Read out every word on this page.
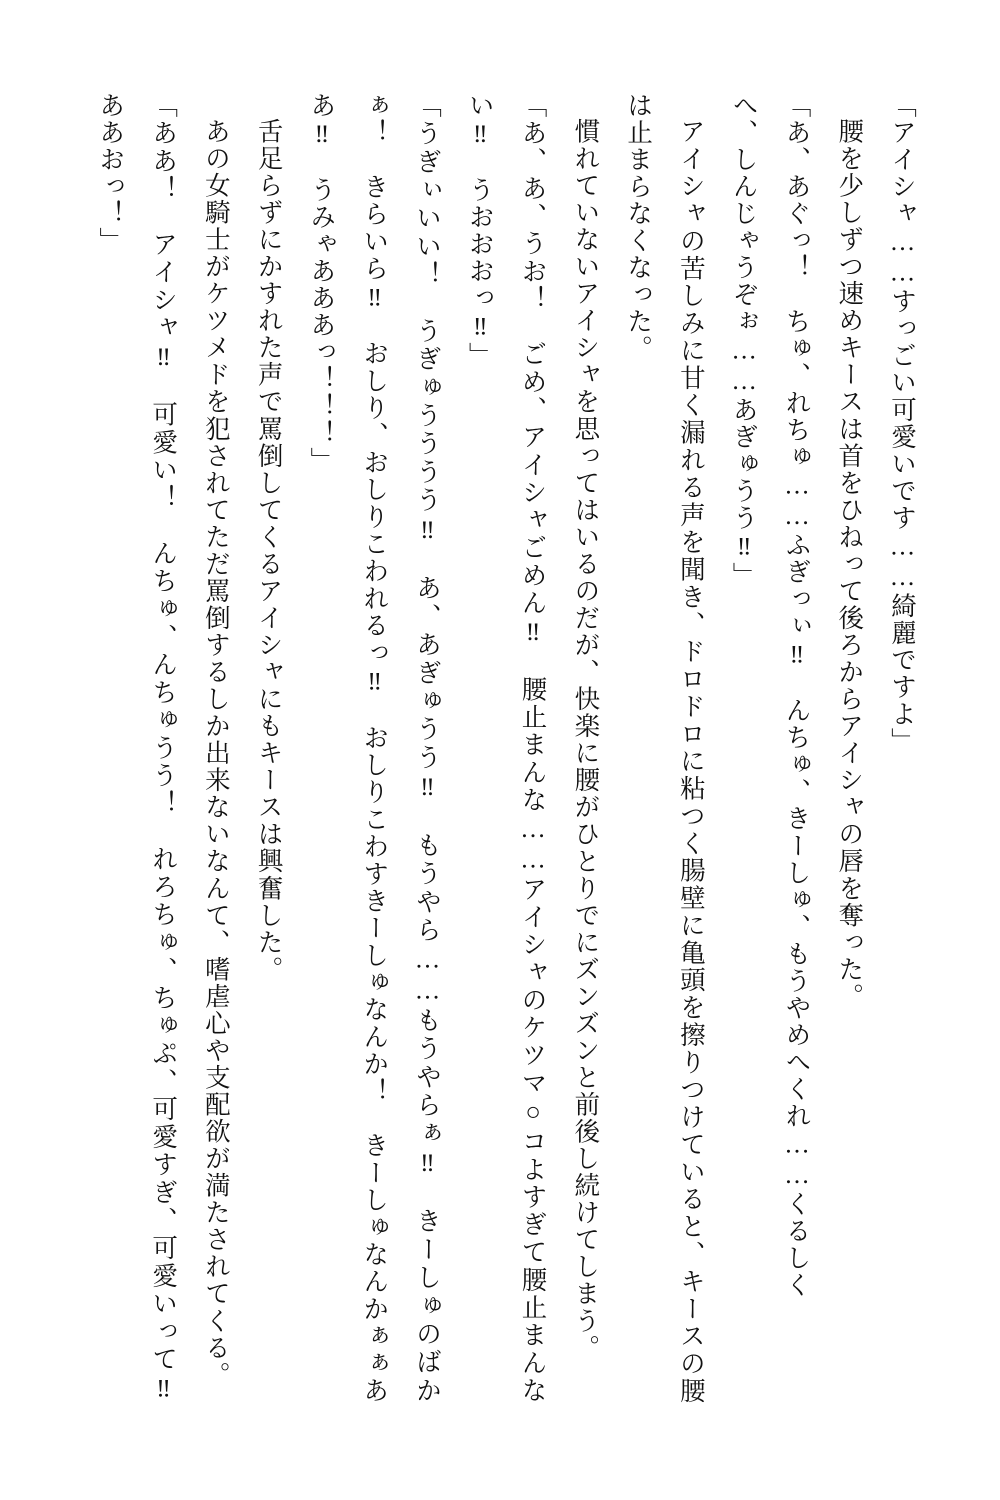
「アイシャ……すっごい可愛いです……綺麗ですよ」

腰を少しずつ速めキースは首をひねって後ろからアイシャの唇を奪った。

「あ、あぐっ！　ちゅ、れちゅ……ふぎっぃ‼　んちゅ、きーしゅ、もうやめへくれ……くるしく

へ、しんじゃうぞぉ……あぎゅうう‼」

アイシャの苦しみに甘く漏れる声を聞き、ドロドロに粘つく腸壁に亀頭を擦りつけていると、キースの腰は止まらなくなった。

慣れていないアイシャを思ってはいるのだが、快楽に腰がひとりでにズンズンと前後し続けてしまう。

「あ、あ、うお！　ごめ、アイシャごめん‼　腰止まんな……アイシャのケツマ○コよすぎて腰止まんない‼　うおおおっ‼」

「うぎぃいい！　うぎゅうううう‼　あ、あぎゅうう‼　もうやら……もうやらぁ‼　きーしゅのばかぁ！　きらいら‼　おしり、おしりこわれるっ‼　おしりこわすきーしゅなんか！　きーしゅなんかぁぁああ‼　うみゃあああっ！！！」

舌足らずにかすれた声で罵倒してくるアイシャにもキースは興奮した。

あの女騎士がケツメドを犯されてただ罵倒するしか出来ないなんて、嗜虐心や支配欲が満たされてくる。

「ああ！　アイシャ‼　可愛い！　んちゅ、んちゅうう！　れろちゅ、ちゅぷ、可愛すぎ、可愛いって‼　ああおっ！」
